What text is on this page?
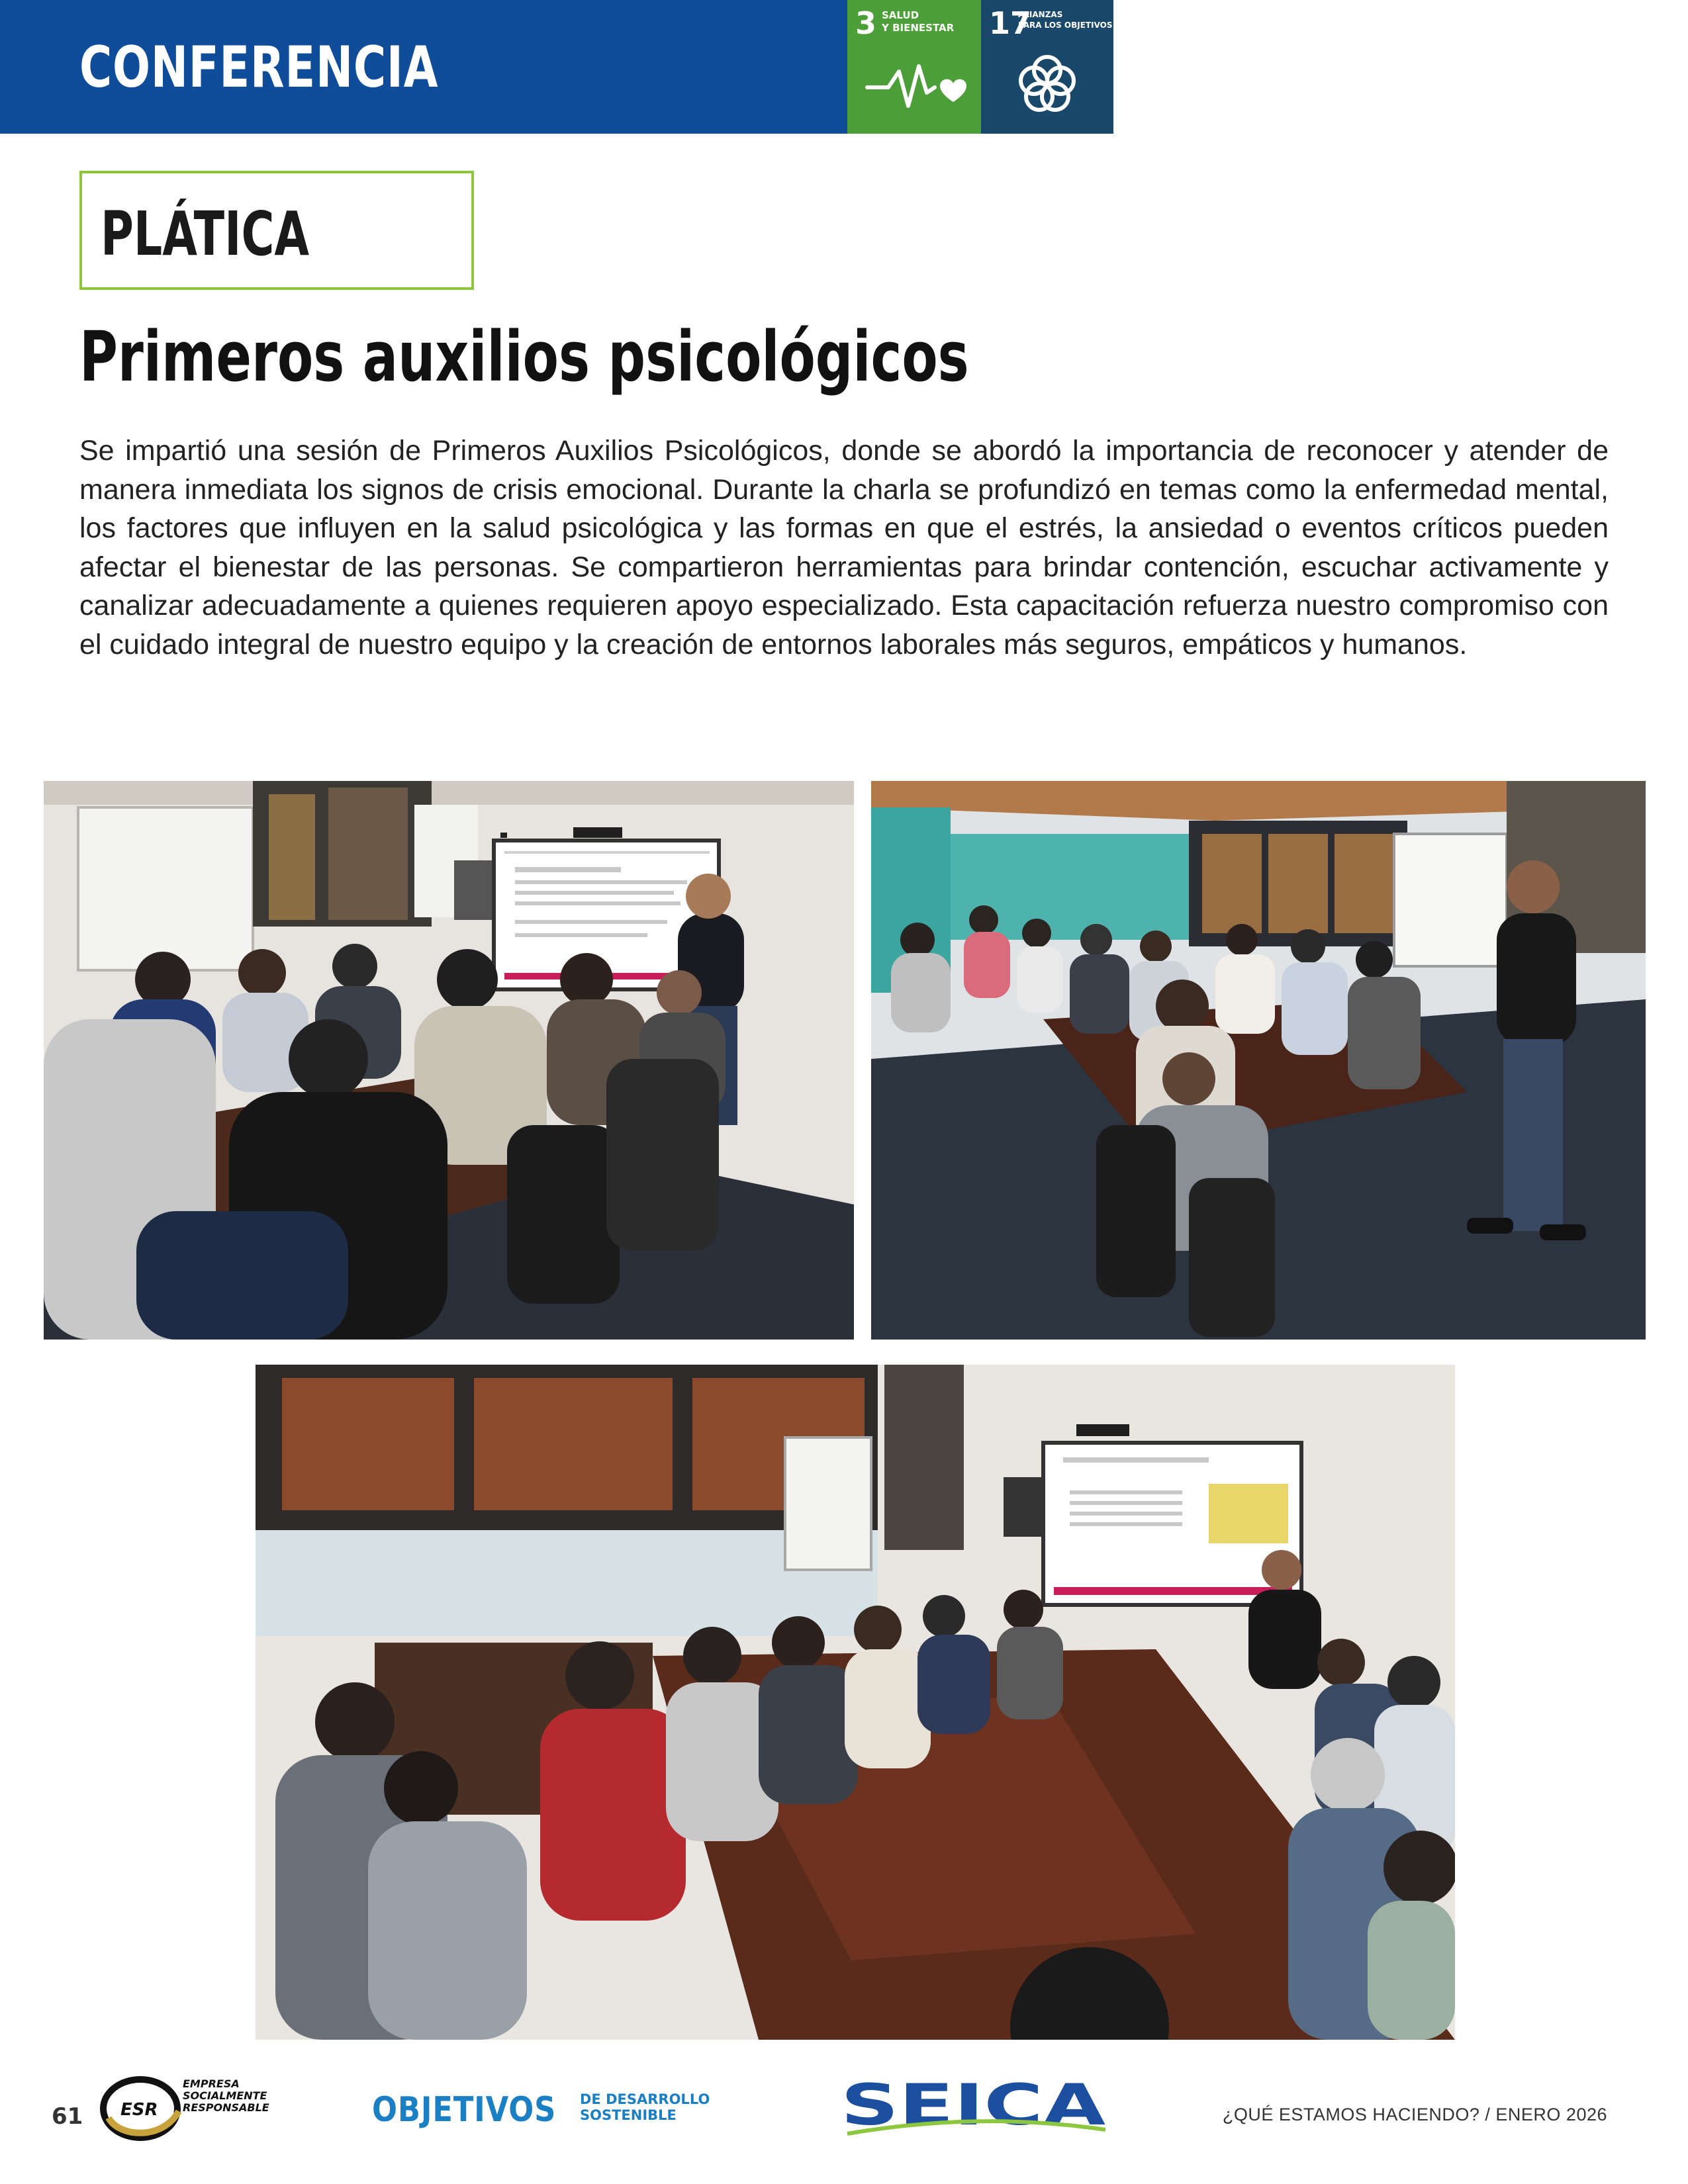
CONFERENCIA
3 SALUD
Y BIENESTAR 17
ALIANZAS
PARA LOS OBJETIVOS
PLÁTICA
Primeros auxilios psicológicos
Se impartió una sesión de Primeros Auxilios Psicológicos, donde se abordó la importancia de reconocer y atender de manera inmediata los signos de crisis emocional. Durante la charla se profundizó en temas como la enfermedad mental, los factores que influyen en la salud psicológica y las formas en que el estrés, la ansiedad o eventos críticos pueden afectar el bienestar de las personas. Se compartieron herramientas para brindar contención, escuchar activamente y canalizar adecuadamente a quienes requieren apoyo especializado. Esta capacitación refuerza nuestro compromiso con el cuidado integral de nuestro equipo y la creación de entornos laborales más seguros, empáticos y humanos.
61 ESR
EMPRESA
SOCIALMENTE
RESPONSABLE	OBJETIVOS DE DESARROLLO
SOSTENIBLE	SEICA	¿QUÉ ESTAMOS HACIENDO? / ENERO 2026
